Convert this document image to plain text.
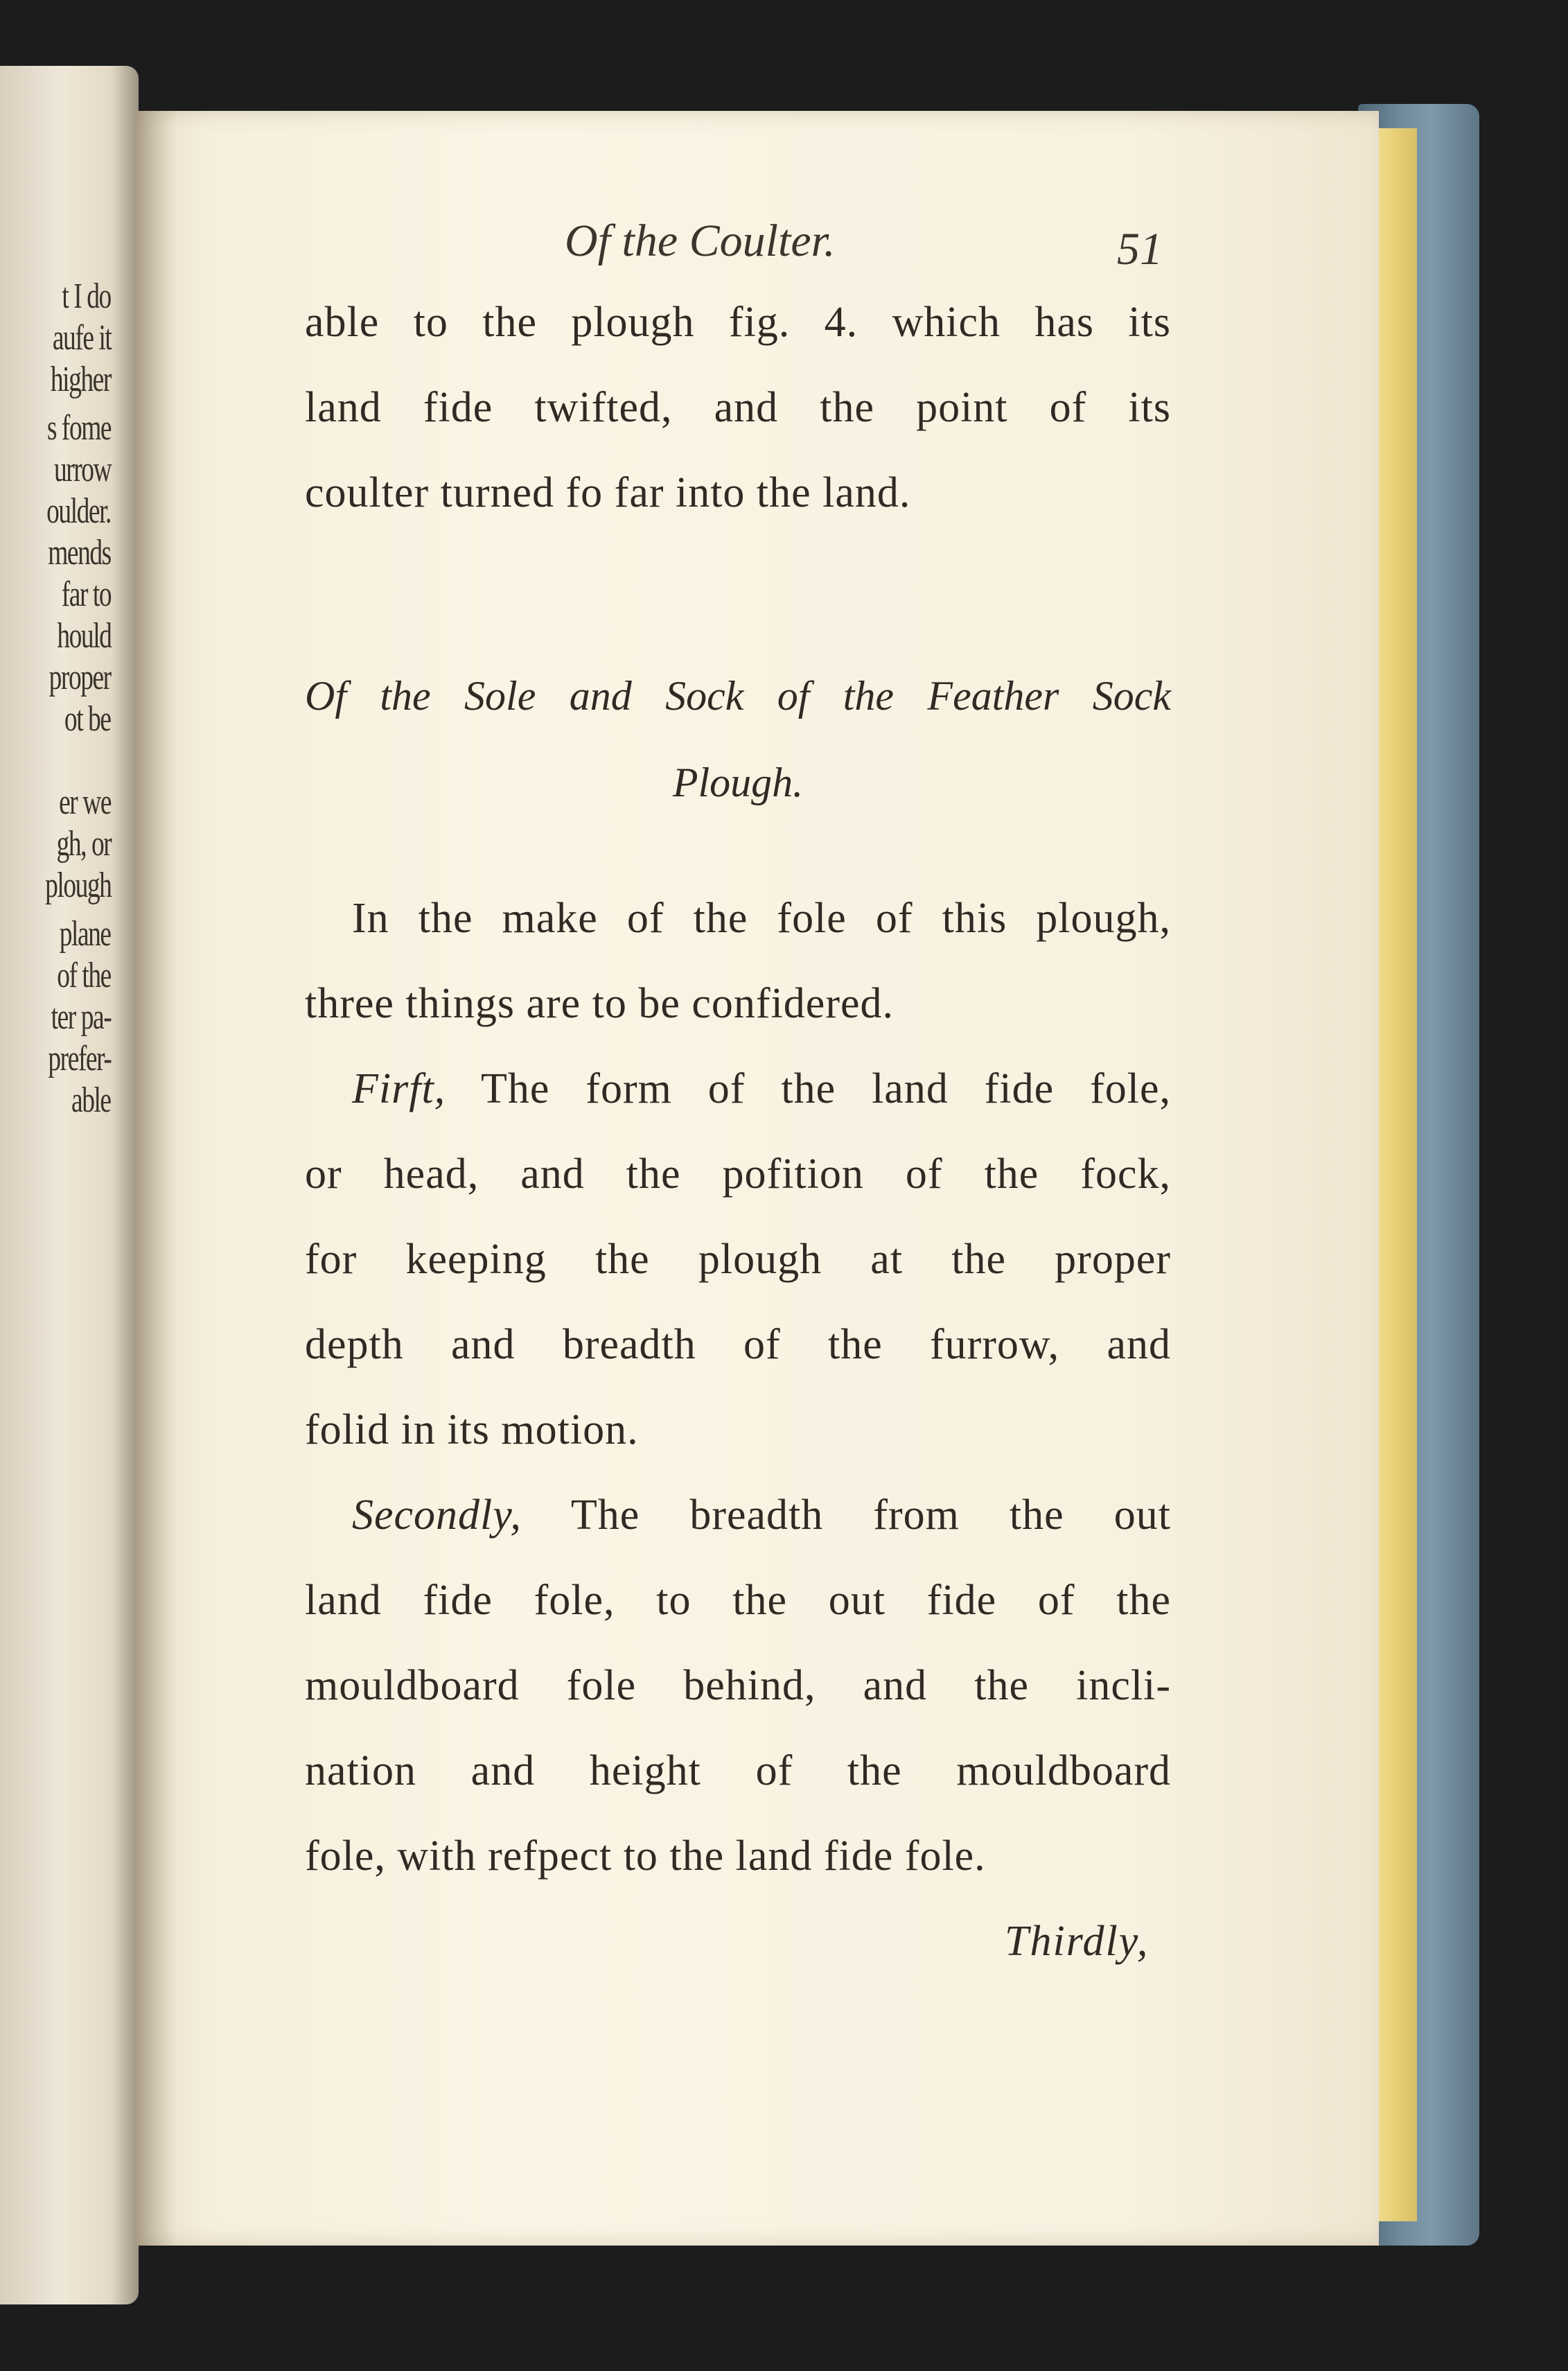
t I do
aufe it
higher
s fome
urrow
oulder.
mends
far to
hould
proper
ot be
er we
gh, or
plough
plane
of the
ter pa-
prefer-
able
Of the Coulter.	51
able to the plough fig. 4. which has its
land fide twifted, and the point of its
coulter turned fo far into the land.
Of the Sole and Sock of the Feather Sock
Plough.
In the make of the fole of this plough,
three things are to be confidered.
Firft, The form of the land fide fole,
or head, and the pofition of the fock,
for keeping the plough at the proper
depth and breadth of the furrow, and
folid in its motion.
Secondly, The breadth from the out
land fide fole, to the out fide of the
mouldboard fole behind, and the incli-
nation and height of the mouldboard
fole, with refpect to the land fide fole.
Thirdly,
